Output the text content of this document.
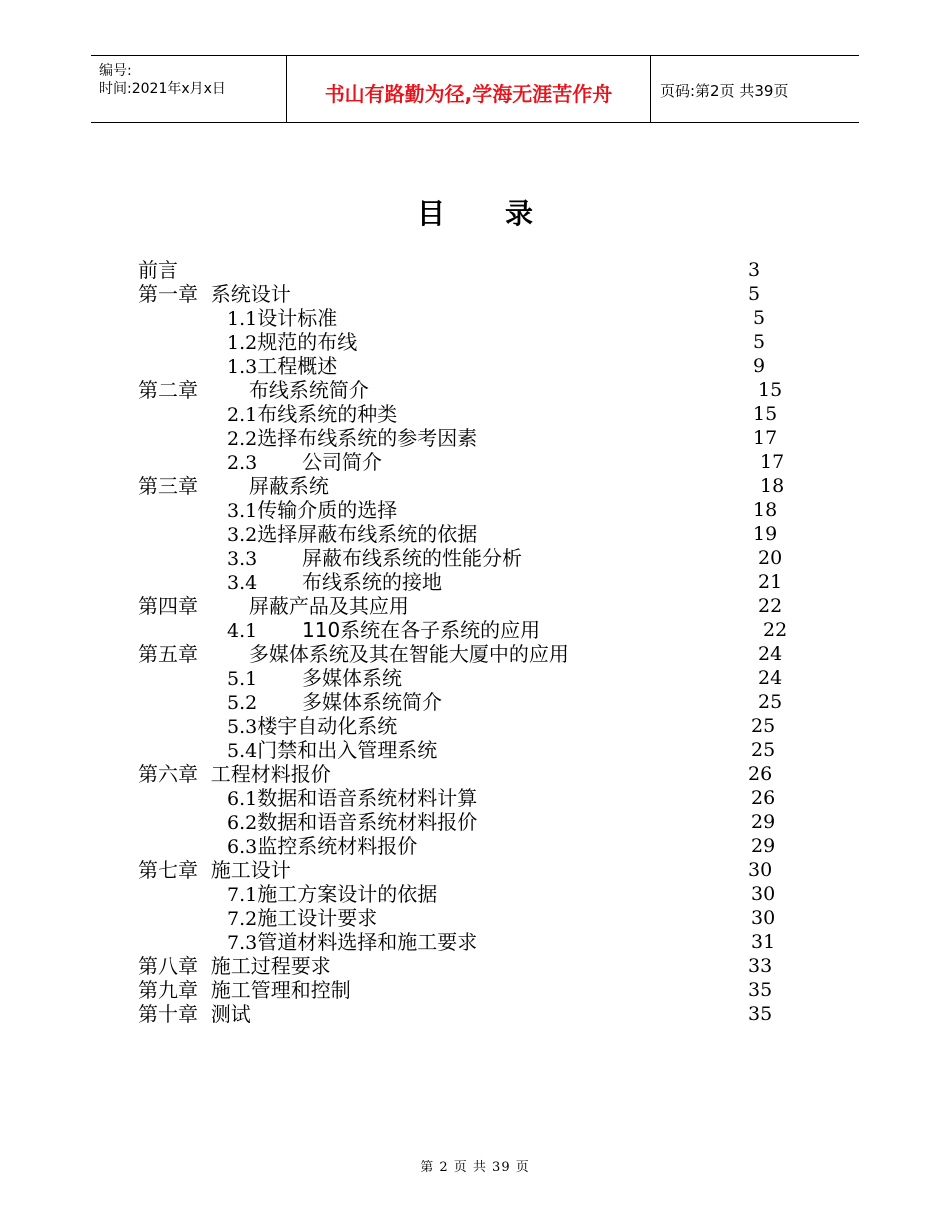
编号:
时间:2021年x月x日	书山有路勤为径,学海无涯苦作舟	页码:第2页 共39页
目录
前言	3
第一章  系统设计	5
1.1设计标准	5
1.2规范的布线	5
1.3工程概述	9
第二章        布线系统简介	15
2.1布线系统的种类	15
2.2选择布线系统的参考因素	17
2.3 公司简介	17
第三章        屏蔽系统	18
3.1传输介质的选择	18
3.2选择屏蔽布线系统的依据	19
3.3 屏蔽布线系统的性能分析	20
3.4 布线系统的接地	21
第四章        屏蔽产品及其应用	22
4.1 110系统在各子系统的应用	22
第五章        多媒体系统及其在智能大厦中的应用	24
5.1 多媒体系统	24
5.2 多媒体系统简介	25
5.3楼宇自动化系统	25
5.4门禁和出入管理系统	25
第六章  工程材料报价	26
6.1数据和语音系统材料计算	26
6.2数据和语音系统材料报价	29
6.3监控系统材料报价	29
第七章  施工设计	30
7.1施工方案设计的依据	30
7.2施工设计要求	30
7.3管道材料选择和施工要求	31
第八章  施工过程要求	33
第九章  施工管理和控制	35
第十章  测试	35
第 2 页 共 39 页
